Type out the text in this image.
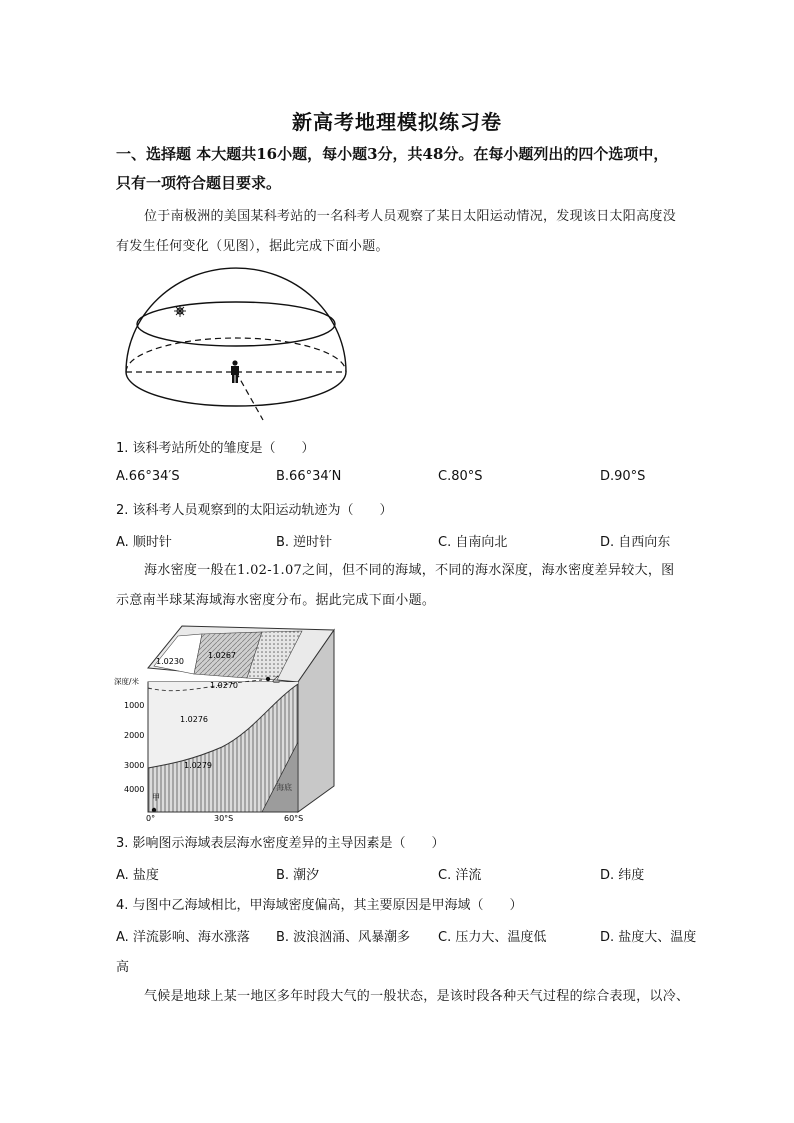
新高考地理模拟练习卷
一、选择题 本大题共16小题，每小题3分，共48分。在每小题列出的四个选项中，
只有一项符合题目要求。
位于南极洲的美国某科考站的一名科考人员观察了某日太阳运动情况，发现该日太阳高度没
有发生任何变化（见图），据此完成下面小题。
1. 该科考站所处的雏度是（　　）
A.66°34′S	B.66°34′N	C.80°S	D.90°S
2. 该科考人员观察到的太阳运动轨迹为（　　）
A. 顺时针	B. 逆时针	C. 自南向北	D. 自西向东
海水密度一般在1.02-1.07之间，但不同的海域，不同的海水深度，海水密度差异较大，图
示意南半球某海域海水密度分布。据此完成下面小题。
1.0230
1.0267
1.0270
1.0276
1.0279
深度/米
1000
2000
3000
4000
0°	30°S	60°S
海底
甲
乙
3. 影响图示海域表层海水密度差异的主导因素是（　　）
A. 盐度	B. 潮汐	C. 洋流	D. 纬度
4. 与图中乙海域相比，甲海域密度偏高，其主要原因是甲海域（　　）
A. 洋流影响、海水涨落 B. 波浪汹涌、风暴潮多 C. 压力大、温度低	D. 盐度大、温度
高
气候是地球上某一地区多年时段大气的一般状态，是该时段各种天气过程的综合表现，以冷、
